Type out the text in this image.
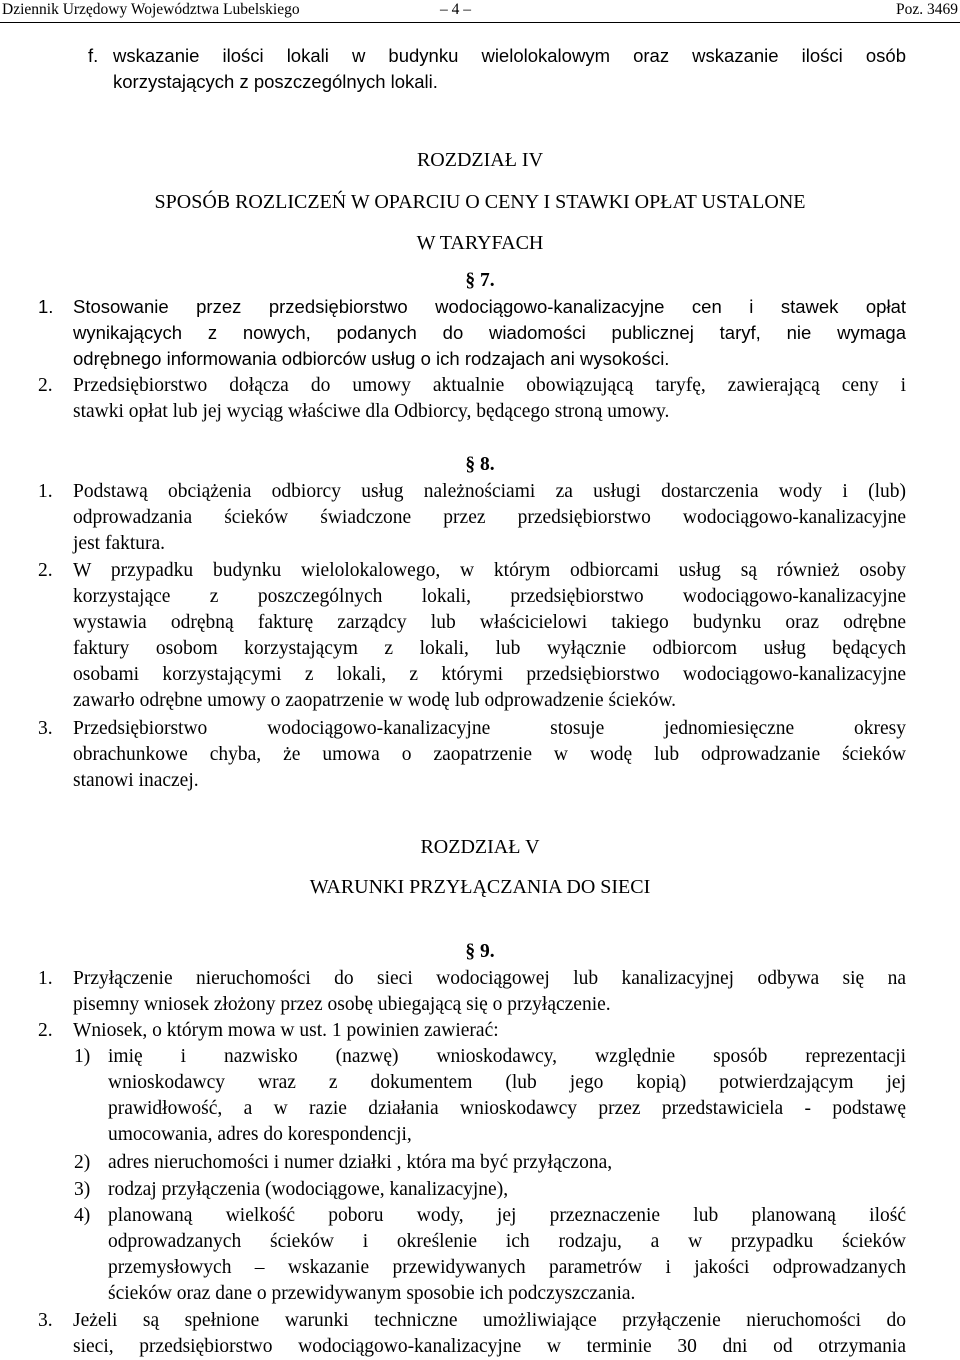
Dziennik Urzędowy Województwa Lubelskiego	– 4 –	Poz. 3469
f. wskazanie ilości lokali w budynku wielolokalowym oraz wskazanie ilości osób
korzystających z poszczególnych lokali.
ROZDZIAŁ IV
SPOSÓB ROZLICZEŃ W OPARCIU O CENY I STAWKI OPŁAT USTALONE
W TARYFACH
§ 7.
1. Stosowanie przez przedsiębiorstwo wodociągowo-kanalizacyjne cen i stawek opłat
wynikających z nowych, podanych do wiadomości publicznej taryf, nie wymaga
odrębnego informowania odbiorców usług o ich rodzajach ani wysokości.
2. Przedsiębiorstwo dołącza do umowy aktualnie obowiązującą taryfę, zawierającą ceny i
stawki opłat lub jej wyciąg właściwe dla Odbiorcy, będącego stroną umowy.
§ 8.
1. Podstawą obciążenia odbiorcy usług należnościami za usługi dostarczenia wody i (lub)
odprowadzania ścieków świadczone przez przedsiębiorstwo wodociągowo-kanalizacyjne
jest faktura.
2. W przypadku budynku wielolokalowego, w którym odbiorcami usług są również osoby
korzystające z poszczególnych lokali, przedsiębiorstwo wodociągowo-kanalizacyjne
wystawia odrębną fakturę zarządcy lub właścicielowi takiego budynku oraz odrębne
faktury osobom korzystającym z lokali, lub wyłącznie odbiorcom usług będących
osobami korzystającymi z lokali, z którymi przedsiębiorstwo wodociągowo-kanalizacyjne
zawarło odrębne umowy o zaopatrzenie w wodę lub odprowadzenie ścieków.
3. Przedsiębiorstwo wodociągowo-kanalizacyjne stosuje jednomiesięczne okresy
obrachunkowe chyba, że umowa o zaopatrzenie w wodę lub odprowadzanie ścieków
stanowi inaczej.
ROZDZIAŁ V
WARUNKI PRZYŁĄCZANIA DO SIECI
§ 9.
1. Przyłączenie nieruchomości do sieci wodociągowej lub kanalizacyjnej odbywa się na
pisemny wniosek złożony przez osobę ubiegającą się o przyłączenie.
2. Wniosek, o którym mowa w ust. 1 powinien zawierać:
1) imię i nazwisko (nazwę) wnioskodawcy, względnie sposób reprezentacji
wnioskodawcy wraz z dokumentem (lub jego kopią) potwierdzającym jej
prawidłowość, a w razie działania wnioskodawcy przez przedstawiciela - podstawę
umocowania, adres do korespondencji,
2) adres nieruchomości i numer działki , która ma być przyłączona,
3) rodzaj przyłączenia (wodociągowe, kanalizacyjne),
4) planowaną wielkość poboru wody, jej przeznaczenie lub planowaną ilość
odprowadzanych ścieków i określenie ich rodzaju, a w przypadku ścieków
przemysłowych – wskazanie przewidywanych parametrów i jakości odprowadzanych
ścieków oraz dane o przewidywanym sposobie ich podczyszczania.
3. Jeżeli są spełnione warunki techniczne umożliwiające przyłączenie nieruchomości do
sieci, przedsiębiorstwo wodociągowo-kanalizacyjne w terminie 30 dni od otrzymania
